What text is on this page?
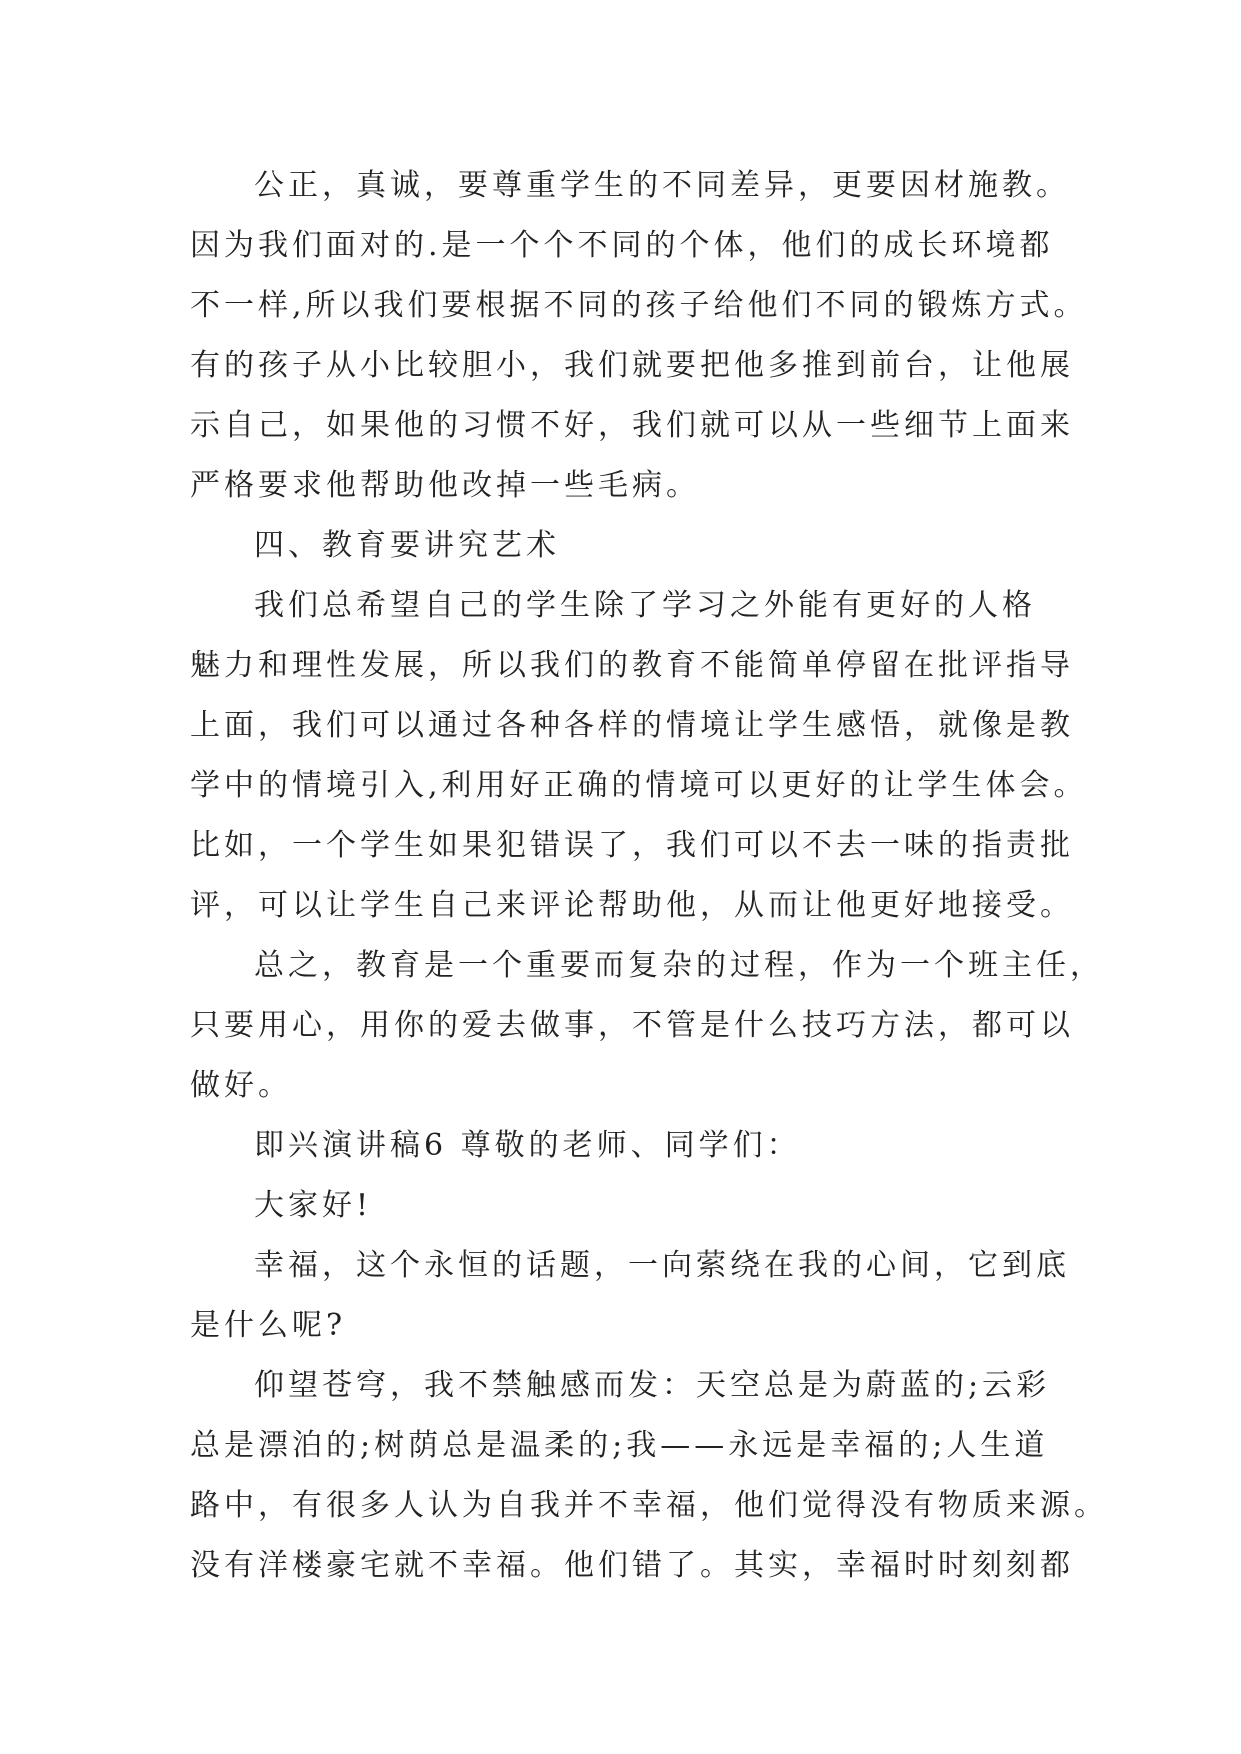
公正，真诚，要尊重学生的不同差异，更要因材施教。
因为我们面对的.是一个个不同的个体，他们的成长环境都
不一样,所以我们要根据不同的孩子给他们不同的锻炼方式。
有的孩子从小比较胆小，我们就要把他多推到前台，让他展
示自己，如果他的习惯不好，我们就可以从一些细节上面来
严格要求他帮助他改掉一些毛病。
四、教育要讲究艺术
我们总希望自己的学生除了学习之外能有更好的人格
魅力和理性发展，所以我们的教育不能简单停留在批评指导
上面，我们可以通过各种各样的情境让学生感悟，就像是教
学中的情境引入,利用好正确的情境可以更好的让学生体会。
比如，一个学生如果犯错误了，我们可以不去一味的指责批
评，可以让学生自己来评论帮助他，从而让他更好地接受。
总之，教育是一个重要而复杂的过程，作为一个班主任，
只要用心，用你的爱去做事，不管是什么技巧方法，都可以
做好。
即兴演讲稿6 尊敬的老师、同学们：
大家好!
幸福，这个永恒的话题，一向萦绕在我的心间，它到底
是什么呢?
仰望苍穹，我不禁触感而发：天空总是为蔚蓝的;云彩
总是漂泊的;树荫总是温柔的;我——永远是幸福的;人生道
路中，有很多人认为自我并不幸福，他们觉得没有物质来源。
没有洋楼豪宅就不幸福。他们错了。其实，幸福时时刻刻都
